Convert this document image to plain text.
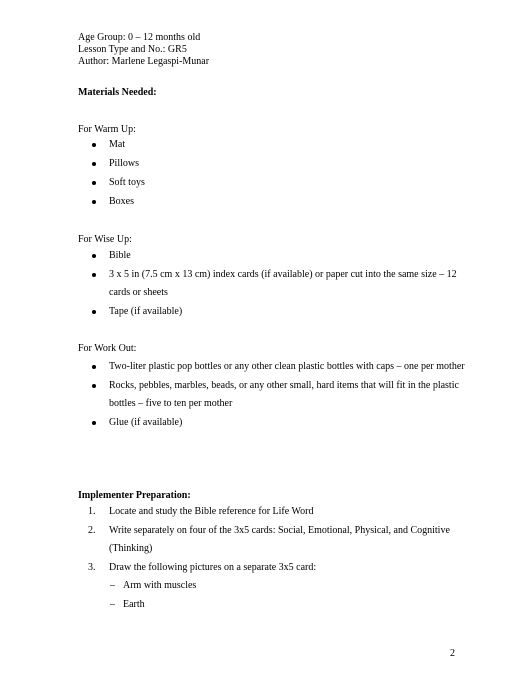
Age Group: 0 – 12 months old
Lesson Type and No.: GR5
Author: Marlene Legaspi-Munar
Materials Needed:
For Warm Up:
Mat
Pillows
Soft toys
Boxes
For Wise Up:
Bible
3 x 5 in (7.5 cm x 13 cm) index cards (if available) or paper cut into the same size – 12 cards or sheets
Tape (if available)
For Work Out:
Two-liter plastic pop bottles or any other clean plastic bottles with caps – one per mother
Rocks, pebbles, marbles, beads, or any other small, hard items that will fit in the plastic bottles – five to ten per mother
Glue (if available)
Implementer Preparation:
1. Locate and study the Bible reference for Life Word
2. Write separately on four of the 3x5 cards: Social, Emotional, Physical, and Cognitive (Thinking)
3. Draw the following pictures on a separate 3x5 card:
– Arm with muscles
– Earth
2
